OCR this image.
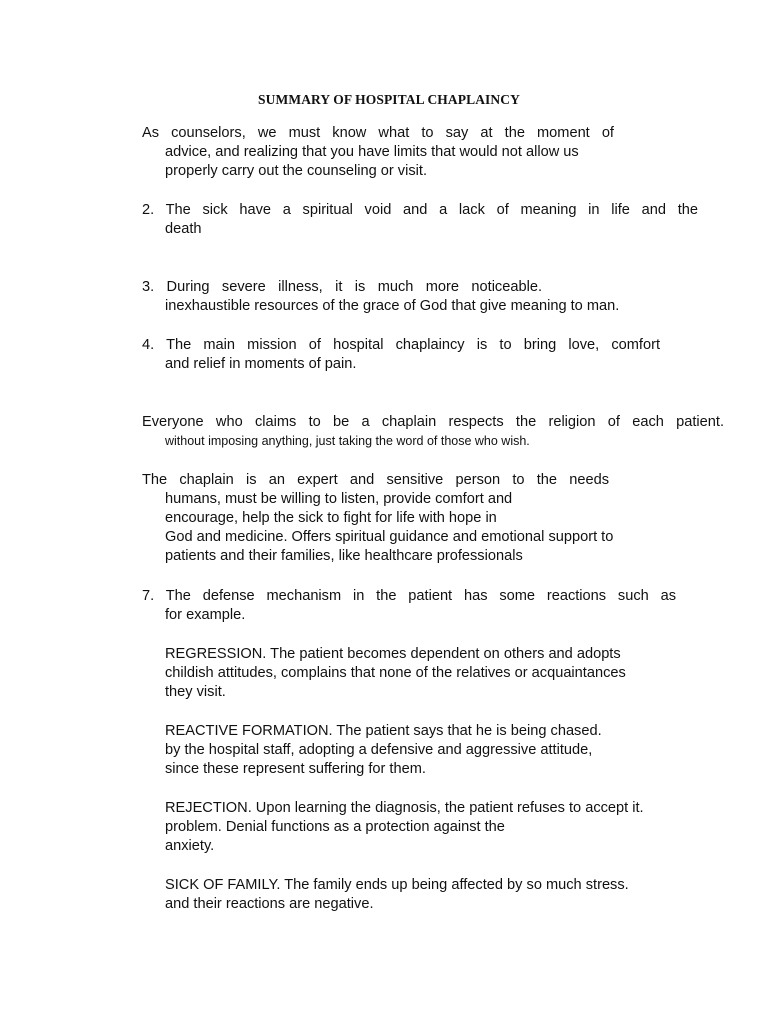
SUMMARY OF HOSPITAL CHAPLAINCY
As counselors, we must know what to say at the moment of
advice, and realizing that you have limits that would not allow us
properly carry out the counseling or visit.
2. The sick have a spiritual void and a lack of meaning in life and the
death
3. During severe illness, it is much more noticeable.
inexhaustible resources of the grace of God that give meaning to man.
4. The main mission of hospital chaplaincy is to bring love, comfort
and relief in moments of pain.
Everyone who claims to be a chaplain respects the religion of each patient.
without imposing anything, just taking the word of those who wish.
The chaplain is an expert and sensitive person to the needs
humans, must be willing to listen, provide comfort and
encourage, help the sick to fight for life with hope in
God and medicine. Offers spiritual guidance and emotional support to
patients and their families, like healthcare professionals
7. The defense mechanism in the patient has some reactions such as
for example.
REGRESSION. The patient becomes dependent on others and adopts
childish attitudes, complains that none of the relatives or acquaintances
they visit.
REACTIVE FORMATION. The patient says that he is being chased.
by the hospital staff, adopting a defensive and aggressive attitude,
since these represent suffering for them.
REJECTION. Upon learning the diagnosis, the patient refuses to accept it.
problem. Denial functions as a protection against the
anxiety.
SICK OF FAMILY. The family ends up being affected by so much stress.
and their reactions are negative.
